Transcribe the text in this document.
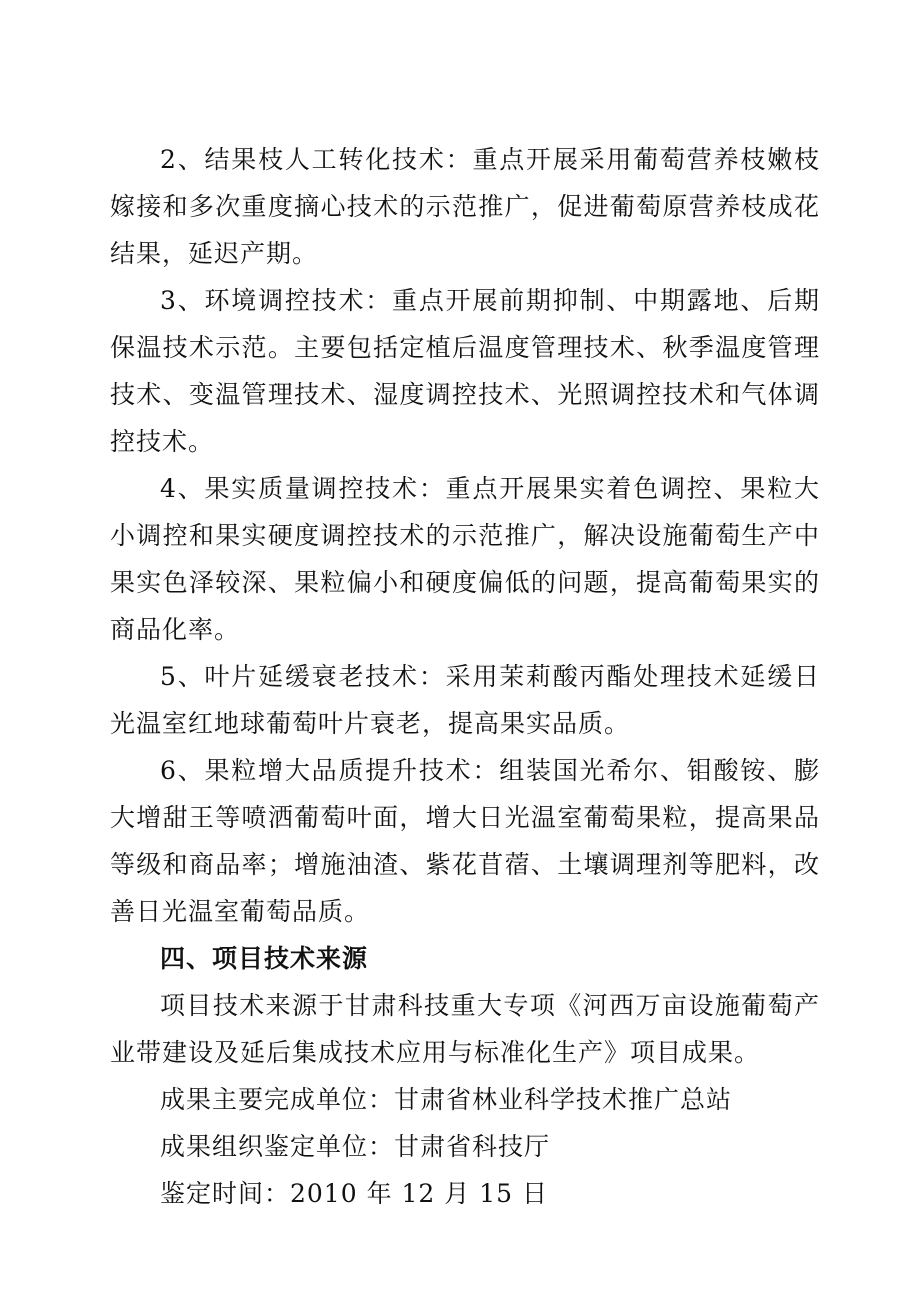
2、结果枝人工转化技术：重点开展采用葡萄营养枝嫩枝嫁接和多次重度摘心技术的示范推广，促进葡萄原营养枝成花结果，延迟产期。

3、环境调控技术：重点开展前期抑制、中期露地、后期保温技术示范。主要包括定植后温度管理技术、秋季温度管理技术、变温管理技术、湿度调控技术、光照调控技术和气体调控技术。

4、果实质量调控技术：重点开展果实着色调控、果粒大小调控和果实硬度调控技术的示范推广，解决设施葡萄生产中果实色泽较深、果粒偏小和硬度偏低的问题，提高葡萄果实的商品化率。

5、叶片延缓衰老技术：采用茉莉酸丙酯处理技术延缓日光温室红地球葡萄叶片衰老，提高果实品质。

6、果粒增大品质提升技术：组装国光希尔、钼酸铵、膨大增甜王等喷洒葡萄叶面，增大日光温室葡萄果粒，提高果品等级和商品率；增施油渣、紫花苜蓿、土壤调理剂等肥料，改善日光温室葡萄品质。

四、项目技术来源

项目技术来源于甘肃科技重大专项《河西万亩设施葡萄产业带建设及延后集成技术应用与标准化生产》项目成果。

成果主要完成单位：甘肃省林业科学技术推广总站

成果组织鉴定单位：甘肃省科技厅

鉴定时间：2010 年 12 月 15 日
